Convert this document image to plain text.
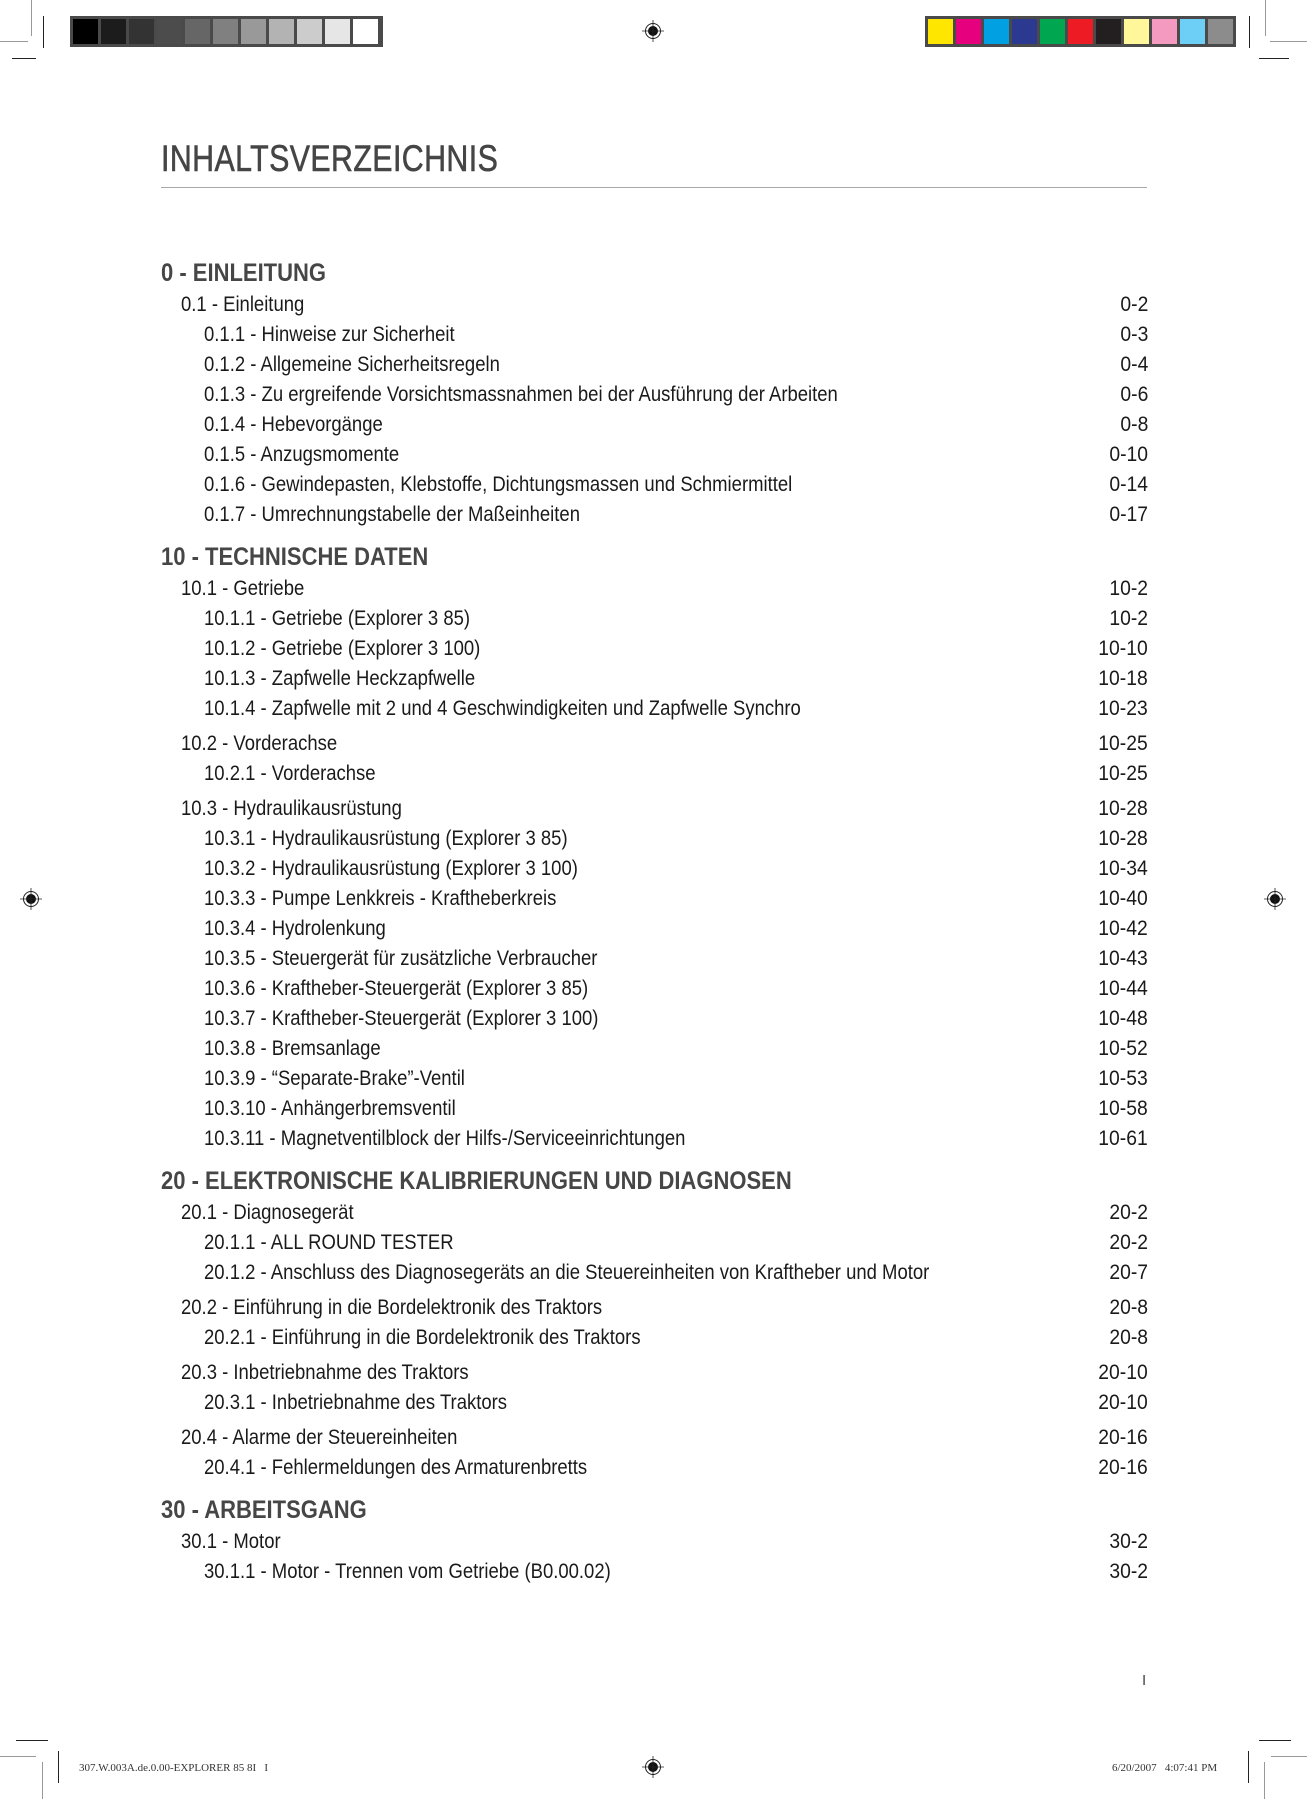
INHALTSVERZEICHNIS
0 - EINLEITUNG
0.1 - Einleitung	0-2
0.1.1 - Hinweise zur Sicherheit	0-3
0.1.2 - Allgemeine Sicherheitsregeln	0-4
0.1.3 - Zu ergreifende Vorsichtsmassnahmen bei der Ausführung der Arbeiten	0-6
0.1.4 - Hebevorgänge	0-8
0.1.5 - Anzugsmomente	0-10
0.1.6 - Gewindepasten, Klebstoffe, Dichtungsmassen und Schmiermittel	0-14
0.1.7 - Umrechnungstabelle der Maßeinheiten	0-17
10 - TECHNISCHE DATEN
10.1 - Getriebe	10-2
10.1.1 - Getriebe (Explorer 3 85)	10-2
10.1.2 - Getriebe (Explorer 3 100)	10-10
10.1.3 - Zapfwelle Heckzapfwelle	10-18
10.1.4 - Zapfwelle mit 2 und 4 Geschwindigkeiten und Zapfwelle Synchro	10-23
10.2 - Vorderachse	10-25
10.2.1 - Vorderachse	10-25
10.3 - Hydraulikausrüstung	10-28
10.3.1 - Hydraulikausrüstung (Explorer 3 85)	10-28
10.3.2 - Hydraulikausrüstung (Explorer 3 100)	10-34
10.3.3 - Pumpe Lenkkreis - Kraftheberkreis	10-40
10.3.4 - Hydrolenkung	10-42
10.3.5 - Steuergerät für zusätzliche Verbraucher	10-43
10.3.6 - Kraftheber-Steuergerät (Explorer 3 85)	10-44
10.3.7 - Kraftheber-Steuergerät (Explorer 3 100)	10-48
10.3.8 - Bremsanlage	10-52
10.3.9 - “Separate-Brake”-Ventil	10-53
10.3.10 - Anhängerbremsventil	10-58
10.3.11 - Magnetventilblock der Hilfs-/Serviceeinrichtungen	10-61
20 - ELEKTRONISCHE KALIBRIERUNGEN UND DIAGNOSEN
20.1 - Diagnosegerät	20-2
20.1.1 - ALL ROUND TESTER	20-2
20.1.2 - Anschluss des Diagnosegeräts an die Steuereinheiten von Kraftheber und Motor	20-7
20.2 - Einführung in die Bordelektronik des Traktors	20-8
20.2.1 - Einführung in die Bordelektronik des Traktors	20-8
20.3 - Inbetriebnahme des Traktors	20-10
20.3.1 - Inbetriebnahme des Traktors	20-10
20.4 - Alarme der Steuereinheiten	20-16
20.4.1 - Fehlermeldungen des Armaturenbretts	20-16
30 - ARBEITSGANG
30.1 - Motor	30-2
30.1.1 - Motor - Trennen vom Getriebe (B0.00.02)	30-2
I
307.W.003A.de.0.00-EXPLORER 85 8I   I	6/20/2007   4:07:41 PM
